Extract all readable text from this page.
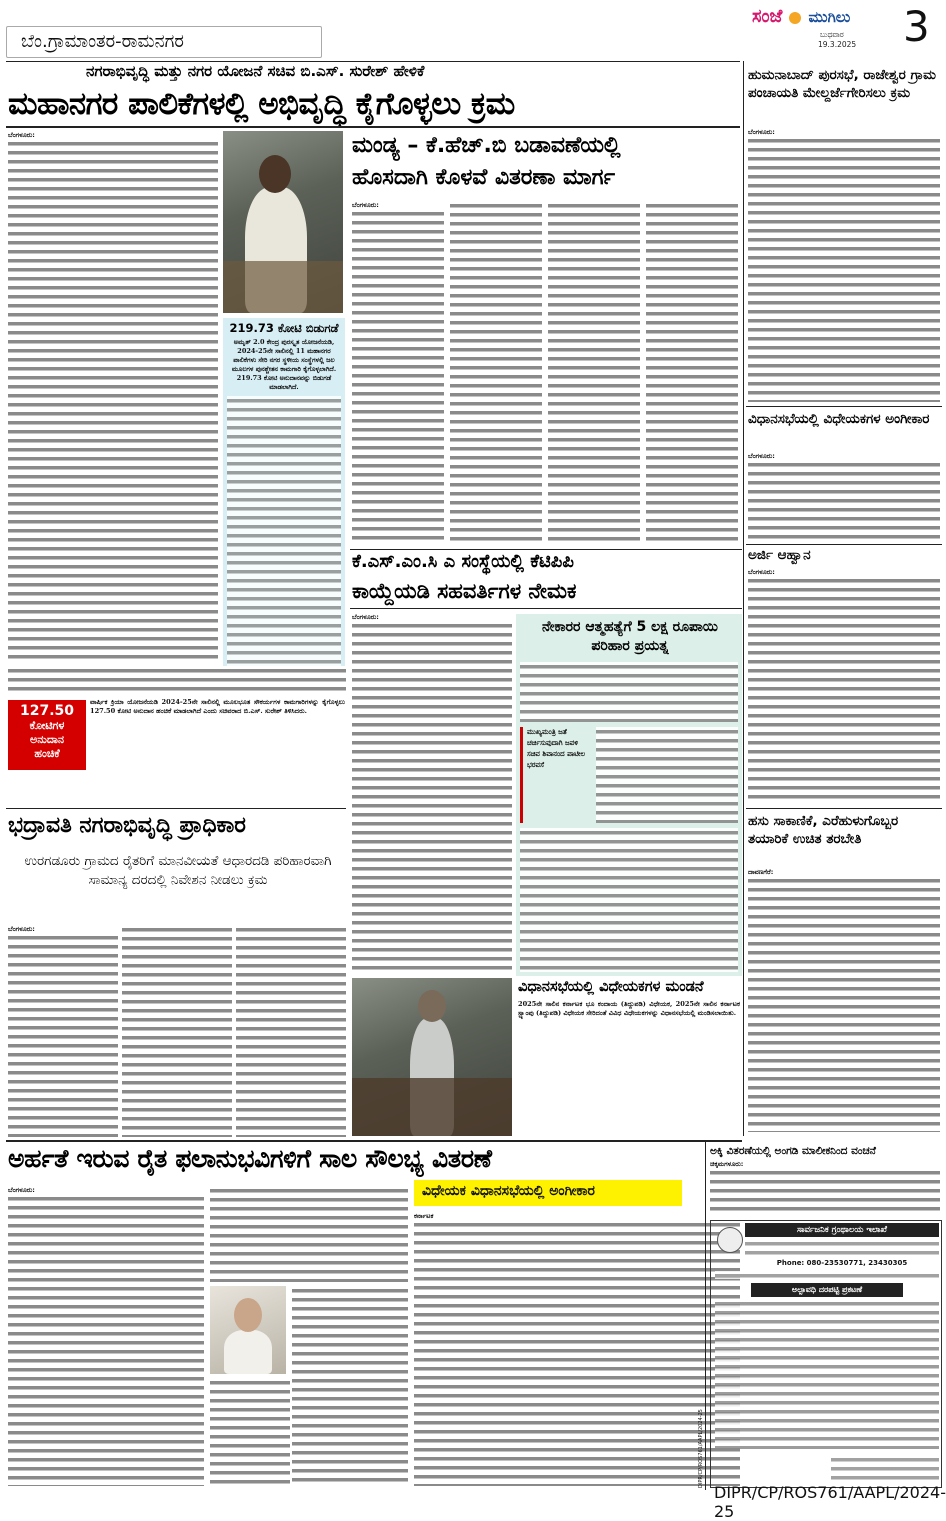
ಬೆಂ.ಗ್ರಾಮಾಂತರ-ರಾಮನಗರ
ಸಂಜೆ ಮುಗಿಲು
ಬುಧವಾರ
19.3.2025 3
ನಗರಾಭಿವೃದ್ಧಿ ಮತ್ತು ನಗರ ಯೋಜನೆ ಸಚಿವ ಬಿ.ಎಸ್. ಸುರೇಶ್ ಹೇಳಿಕೆ
ಮಹಾನಗರ ಪಾಲಿಕೆಗಳಲ್ಲಿ ಅಭಿವೃದ್ಧಿ ಕೈಗೊಳ್ಳಲು ಕ್ರಮ
ಬೆಂಗಳೂರು:
219.73 ಕೋಟಿ ಬಿಡುಗಡೆ
ಅಮೃತ್ 2.0 ಕೇಂದ್ರ ಪುರಸ್ಕೃತ ಯೋಜನೆಯಡಿ, 2024-25ನೇ ಸಾಲಿನಲ್ಲಿ 11 ಮಹಾನಗರ ಪಾಲಿಕೆಗಳು ಸೇರಿ ನಗರ ಸ್ಥಳೀಯ ಸಂಸ್ಥೆಗಳಲ್ಲಿ ಜಲ ಮೂಲಗಳ ಪುನಶ್ಚೇತನ ಕಾಮಗಾರಿ ಕೈಗೊಳ್ಳಲಾಗಿದೆ. 219.73 ಕೋಟಿ ಅನುದಾನವನ್ನು ಬಿಡುಗಡೆ ಮಾಡಲಾಗಿದೆ.
127.50
ಕೋಟಿಗಳ
ಅನುದಾನ
ಹಂಚಿಕೆ
ವಾರ್ಷಿಕ ಕ್ರಿಯಾ ಯೋಜನೆಯಡಿ 2024-25ನೇ ಸಾಲಿನಲ್ಲಿ ಮೂಲಭೂತ ಸೌಕರ್ಯಗಳ ಕಾಮಗಾರಿಗಳನ್ನು ಕೈಗೊಳ್ಳಲು 127.50 ಕೋಟಿ ಅನುದಾನ ಹಂಚಿಕೆ ಮಾಡಲಾಗಿದೆ ಎಂದು ಸಚಿವರಾದ ಬಿ.ಎಸ್. ಸುರೇಶ್ ತಿಳಿಸಿದರು.
ಮಂಡ್ಯ – ಕೆ.ಹೆಚ್.ಬಿ ಬಡಾವಣೆಯಲ್ಲಿ
ಹೊಸದಾಗಿ ಕೊಳವೆ ವಿತರಣಾ ಮಾರ್ಗ
ಬೆಂಗಳೂರು:
ಹುಮನಾಬಾದ್ ಪುರಸಭೆ, ರಾಜೇಶ್ವರ ಗ್ರಾಮ ಪಂಚಾಯತಿ ಮೇಲ್ದರ್ಜೆಗೇರಿಸಲು ಕ್ರಮ
ಬೆಂಗಳೂರು:
ವಿಧಾನಸಭೆಯಲ್ಲಿ ವಿಧೇಯಕಗಳ ಅಂಗೀಕಾರ
ಬೆಂಗಳೂರು:
ಅರ್ಜಿ ಆಹ್ವಾನ
ಬೆಂಗಳೂರು:
ಹಸು ಸಾಕಾಣಿಕೆ, ಎರೆಹುಳುಗೊಬ್ಬರ ತಯಾರಿಕೆ ಉಚಿತ ತರಬೇತಿ
ದಾವಣಗೆರೆ:
ಕೆ.ಎಸ್.ಎಂ.ಸಿ ಎ ಸಂಸ್ಥೆಯಲ್ಲಿ ಕೆಟಿಪಿಪಿ
ಕಾಯ್ದೆಯಡಿ ಸಹವರ್ತಿಗಳ ನೇಮಕ
ಬೆಂಗಳೂರು:
ನೇಕಾರರ ಆತ್ಮಹತ್ಯೆಗೆ 5 ಲಕ್ಷ ರೂಪಾಯಿ ಪರಿಹಾರ ಪ್ರಯತ್ನ
ಮುಖ್ಯಮಂತ್ರಿ ಜತೆ ಚರ್ಚಿಸುವುದಾಗಿ ಜವಳಿ ಸಚಿವ ಶಿವಾನಂದ ಪಾಟೀಲ ಭರವಸೆ
ಭದ್ರಾವತಿ ನಗರಾಭಿವೃದ್ಧಿ ಪ್ರಾಧಿಕಾರ
ಉರಗಡೂರು ಗ್ರಾಮದ ರೈತರಿಗೆ ಮಾನವೀಯತೆ ಆಧಾರದಡಿ ಪರಿಹಾರವಾಗಿ ಸಾಮಾನ್ಯ ದರದಲ್ಲಿ ನಿವೇಶನ ನೀಡಲು ಕ್ರಮ
ಬೆಂಗಳೂರು:
ವಿಧಾನಸಭೆಯಲ್ಲಿ ವಿಧೇಯಕಗಳ ಮಂಡನೆ
2025ನೇ ಸಾಲಿನ ಕರ್ನಾಟಕ ಭೂ ಕಂದಾಯ (ತಿದ್ದುಪಡಿ) ವಿಧೇಯಕ, 2025ನೇ ಸಾಲಿನ ಕರ್ನಾಟಕ ಸ್ಟ್ಯಾಂಪು (ತಿದ್ದುಪಡಿ) ವಿಧೇಯಕ ಸೇರಿದಂತೆ ವಿವಿಧ ವಿಧೇಯಕಗಳನ್ನು ವಿಧಾನಸಭೆಯಲ್ಲಿ ಮಂಡಿಸಲಾಯಿತು.
ಅರ್ಹತೆ ಇರುವ ರೈತ ಫಲಾನುಭವಿಗಳಿಗೆ ಸಾಲ ಸೌಲಭ್ಯ ವಿತರಣೆ
ಬೆಂಗಳೂರು:	ವಿಧೇಯಕ ವಿಧಾನಸಭೆಯಲ್ಲಿ ಅಂಗೀಕಾರ
ಕರ್ನಾಟಕ
ಅಕ್ಕಿ ವಿತರಣೆಯಲ್ಲಿ ಅಂಗಡಿ ಮಾಲೀಕನಿಂದ ವಂಚನೆ
ಚಿಕ್ಕಮಗಳೂರು:
ಸಾರ್ವಜನಿಕ ಗ್ರಂಥಾಲಯ ಇಲಾಖೆ
Phone: 080-23530771, 23430305
ಅಲ್ಪಾವಧಿ ದರಪಟ್ಟಿ ಪ್ರಕಟಣೆ
DIPR/CP/ROS761/AAPL/2024-25
DIPR/CP/ROS761/AAPL/2024-25
